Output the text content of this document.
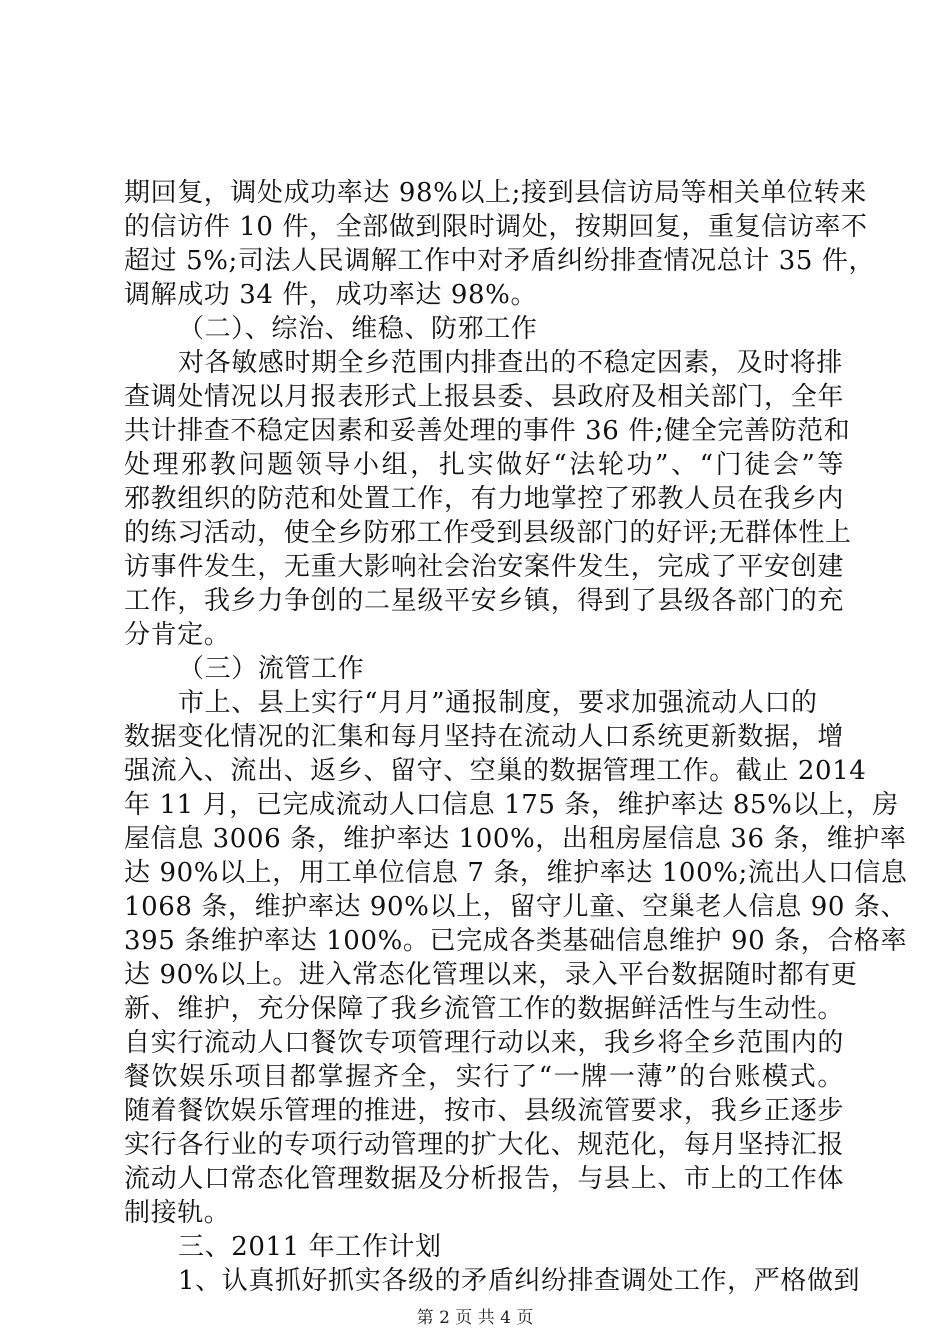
期回复，调处成功率达 98%以上;接到县信访局等相关单位转来
的信访件 10 件，全部做到限时调处，按期回复，重复信访率不
超过 5%;司法人民调解工作中对矛盾纠纷排查情况总计 35 件，
调解成功 34 件，成功率达 98%。
（二）、综治、维稳、防邪工作
对各敏感时期全乡范围内排查出的不稳定因素，及时将排
查调处情况以月报表形式上报县委、县政府及相关部门，全年
共计排查不稳定因素和妥善处理的事件 36 件;健全完善防范和
处理邪教问题领导小组，扎实做好“法轮功”、“门徒会”等
邪教组织的防范和处置工作，有力地掌控了邪教人员在我乡内
的练习活动，使全乡防邪工作受到县级部门的好评;无群体性上
访事件发生，无重大影响社会治安案件发生，完成了平安创建
工作，我乡力争创的二星级平安乡镇，得到了县级各部门的充
分肯定。
（三）流管工作
市上、县上实行“月月”通报制度，要求加强流动人口的
数据变化情况的汇集和每月坚持在流动人口系统更新数据，增
强流入、流出、返乡、留守、空巢的数据管理工作。截止 2014
年 11 月，已完成流动人口信息 175 条，维护率达 85%以上，房
屋信息 3006 条，维护率达 100%，出租房屋信息 36 条，维护率
达 90%以上，用工单位信息 7 条，维护率达 100%;流出人口信息
1068 条，维护率达 90%以上，留守儿童、空巢老人信息 90 条、
395 条维护率达 100%。已完成各类基础信息维护 90 条，合格率
达 90%以上。进入常态化管理以来，录入平台数据随时都有更
新、维护，充分保障了我乡流管工作的数据鲜活性与生动性。
自实行流动人口餐饮专项管理行动以来，我乡将全乡范围内的
餐饮娱乐项目都掌握齐全，实行了“一牌一薄”的台账模式。
随着餐饮娱乐管理的推进，按市、县级流管要求，我乡正逐步
实行各行业的专项行动管理的扩大化、规范化，每月坚持汇报
流动人口常态化管理数据及分析报告，与县上、市上的工作体
制接轨。
三、2011 年工作计划
1、认真抓好抓实各级的矛盾纠纷排查调处工作，严格做到
第 2 页 共 4 页
